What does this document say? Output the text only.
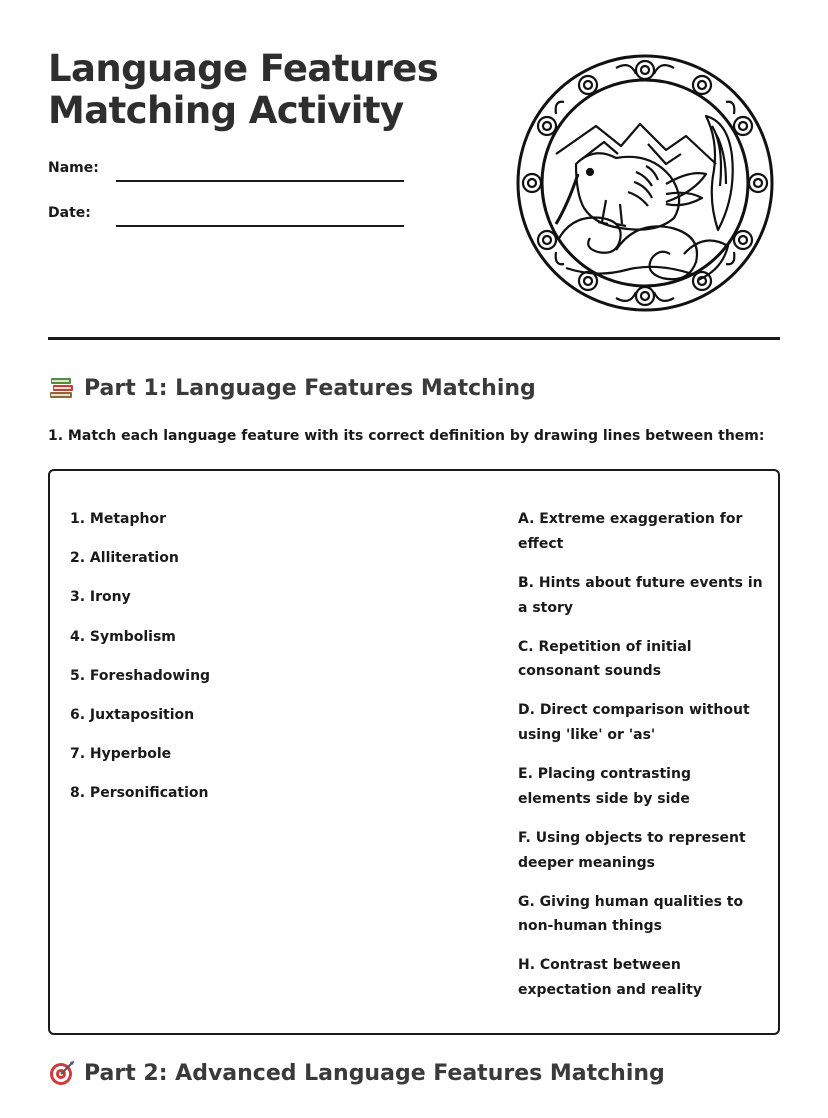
Language Features
Matching Activity
Name:
Date:
Part 1: Language Features Matching
1. Match each language feature with its correct definition by drawing lines between them:
1. Metaphor
2. Alliteration
3. Irony
4. Symbolism
5. Foreshadowing
6. Juxtaposition
7. Hyperbole
8. Personification
A. Extreme exaggeration for effect
B. Hints about future events in a story
C. Repetition of initial consonant sounds
D. Direct comparison without using 'like' or 'as'
E. Placing contrasting elements side by side
F. Using objects to represent deeper meanings
G. Giving human qualities to non-human things
H. Contrast between expectation and reality
Part 2: Advanced Language Features Matching
